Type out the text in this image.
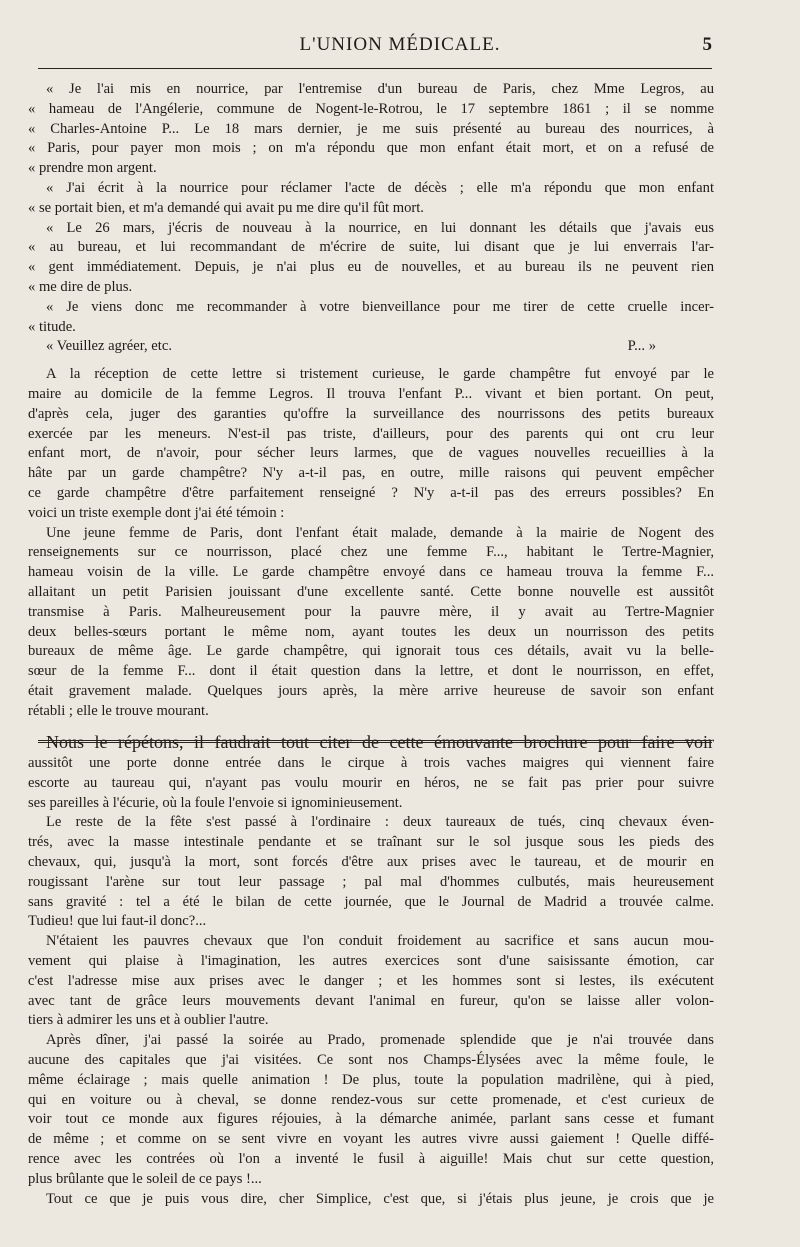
L'UNION MÉDICALE.	5
« Je l'ai mis en nourrice, par l'entremise d'un bureau de Paris, chez Mme Legros, au
« hameau de l'Angélerie, commune de Nogent-le-Rotrou, le 17 septembre 1861 ; il se nomme
« Charles-Antoine P... Le 18 mars dernier, je me suis présenté au bureau des nourrices, à
« Paris, pour payer mon mois ; on m'a répondu que mon enfant était mort, et on a refusé de
« prendre mon argent.
« J'ai écrit à la nourrice pour réclamer l'acte de décès ; elle m'a répondu que mon enfant
« se portait bien, et m'a demandé qui avait pu me dire qu'il fût mort.
« Le 26 mars, j'écris de nouveau à la nourrice, en lui donnant les détails que j'avais eus
« au bureau, et lui recommandant de m'écrire de suite, lui disant que je lui enverrais l'ar-
« gent immédiatement. Depuis, je n'ai plus eu de nouvelles, et au bureau ils ne peuvent rien
« me dire de plus.
« Je viens donc me recommander à votre bienveillance pour me tirer de cette cruelle incer-
« titude.
« Veuillez agréer, etc.	P... »
A la réception de cette lettre si tristement curieuse, le garde champêtre fut envoyé par le
maire au domicile de la femme Legros. Il trouva l'enfant P... vivant et bien portant. On peut,
d'après cela, juger des garanties qu'offre la surveillance des nourrissons des petits bureaux
exercée par les meneurs. N'est-il pas triste, d'ailleurs, pour des parents qui ont cru leur
enfant mort, de n'avoir, pour sécher leurs larmes, que de vagues nouvelles recueillies à la
hâte par un garde champêtre? N'y a-t-il pas, en outre, mille raisons qui peuvent empêcher
ce garde champêtre d'être parfaitement renseigné ? N'y a-t-il pas des erreurs possibles? En
voici un triste exemple dont j'ai été témoin :
Une jeune femme de Paris, dont l'enfant était malade, demande à la mairie de Nogent des
renseignements sur ce nourrisson, placé chez une femme F..., habitant le Tertre-Magnier,
hameau voisin de la ville. Le garde champêtre envoyé dans ce hameau trouva la femme F...
allaitant un petit Parisien jouissant d'une excellente santé. Cette bonne nouvelle est aussitôt
transmise à Paris. Malheureusement pour la pauvre mère, il y avait au Tertre-Magnier
deux belles-sœurs portant le même nom, ayant toutes les deux un nourrisson des petits
bureaux de même âge. Le garde champêtre, qui ignorait tous ces détails, avait vu la belle-
sœur de la femme F... dont il était question dans la lettre, et dont le nourrisson, en effet,
était gravement malade. Quelques jours après, la mère arrive heureuse de savoir son enfant
rétabli ; elle le trouve mourant.
Nous le répétons, il faudrait tout citer de cette émouvante brochure pour faire voir
aussitôt une porte donne entrée dans le cirque à trois vaches maigres qui viennent faire
escorte au taureau qui, n'ayant pas voulu mourir en héros, ne se fait pas prier pour suivre
ses pareilles à l'écurie, où la foule l'envoie si ignominieusement.
Le reste de la fête s'est passé à l'ordinaire : deux taureaux de tués, cinq chevaux éven-
trés, avec la masse intestinale pendante et se traînant sur le sol jusque sous les pieds des
chevaux, qui, jusqu'à la mort, sont forcés d'être aux prises avec le taureau, et de mourir en
rougissant l'arène sur tout leur passage ; pal mal d'hommes culbutés, mais heureusement
sans gravité : tel a été le bilan de cette journée, que le Journal de Madrid a trouvée calme.
Tudieu! que lui faut-il donc?...
N'étaient les pauvres chevaux que l'on conduit froidement au sacrifice et sans aucun mou-
vement qui plaise à l'imagination, les autres exercices sont d'une saisissante émotion, car
c'est l'adresse mise aux prises avec le danger ; et les hommes sont si lestes, ils exécutent
avec tant de grâce leurs mouvements devant l'animal en fureur, qu'on se laisse aller volon-
tiers à admirer les uns et à oublier l'autre.
Après dîner, j'ai passé la soirée au Prado, promenade splendide que je n'ai trouvée dans
aucune des capitales que j'ai visitées. Ce sont nos Champs-Élysées avec la même foule, le
même éclairage ; mais quelle animation ! De plus, toute la population madrilène, qui à pied,
qui en voiture ou à cheval, se donne rendez-vous sur cette promenade, et c'est curieux de
voir tout ce monde aux figures réjouies, à la démarche animée, parlant sans cesse et fumant
de même ; et comme on se sent vivre en voyant les autres vivre aussi gaiement ! Quelle diffé-
rence avec les contrées où l'on a inventé le fusil à aiguille! Mais chut sur cette question,
plus brûlante que le soleil de ce pays !...
Tout ce que je puis vous dire, cher Simplice, c'est que, si j'étais plus jeune, je crois que je
